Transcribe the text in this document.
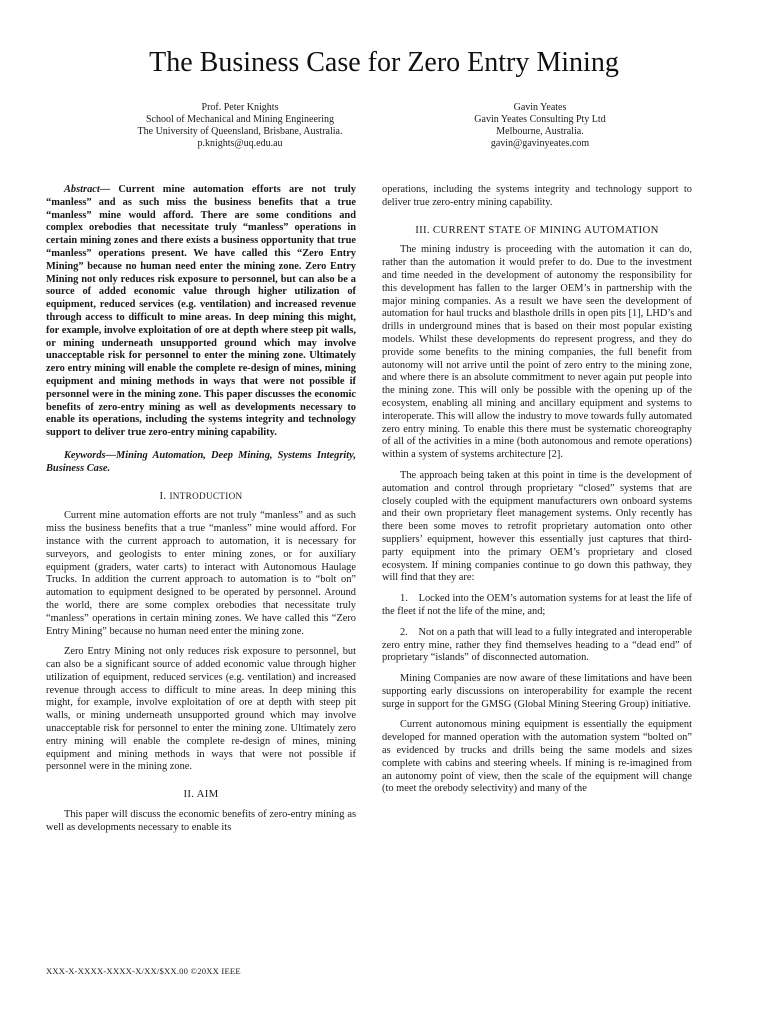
The Business Case for Zero Entry Mining
Prof. Peter Knights
School of Mechanical and Mining Engineering
The University of Queensland, Brisbane, Australia.
p.knights@uq.edu.au
Gavin Yeates
Gavin Yeates Consulting Pty Ltd
Melbourne, Australia.
gavin@gavinyeates.com

Abstract— Current mine automation efforts are not truly “manless” and as such miss the business benefits that a true “manless” mine would afford. There are some conditions and complex orebodies that necessitate truly “manless” operations in certain mining zones and there exists a business opportunity that true “manless” operations present. We have called this “Zero Entry Mining” because no human need enter the mining zone. Zero Entry Mining not only reduces risk exposure to personnel, but can also be a source of added economic value through higher utilization of equipment, reduced services (e.g. ventilation) and increased revenue through access to difficult to mine areas. In deep mining this might, for example, involve exploitation of ore at depth where steep pit walls, or mining underneath unsupported ground which may involve unacceptable risk for personnel to enter the mining zone. Ultimately zero entry mining will enable the complete re-design of mines, mining equipment and mining methods in ways that were not possible if personnel were in the mining zone. This paper discusses the economic benefits of zero-entry mining as well as developments necessary to enable its operations, including the systems integrity and technology support to deliver true zero-entry mining capability.

Keywords—Mining Automation, Deep Mining, Systems Integrity, Business Case.

I. INTRODUCTION

Current mine automation efforts are not truly “manless” and as such miss the business benefits that a true “manless” mine would afford. For instance with the current approach to automation, it is necessary for surveyors, and geologists to enter mining zones, or for auxiliary equipment (graders, water carts) to interact with Autonomous Haulage Trucks. In addition the current approach to automation is to “bolt on” automation to equipment designed to be operated by personnel. Around the world, there are some complex orebodies that necessitate truly “manless” operations in certain mining zones. We have called this “Zero Entry Mining” because no human need enter the mining zone.

Zero Entry Mining not only reduces risk exposure to personnel, but can also be a significant source of added economic value through higher utilization of equipment, reduced services (e.g. ventilation) and increased revenue through access to difficult to mine areas. In deep mining this might, for example, involve exploitation of ore at depth with steep pit walls, or mining underneath unsupported ground which may involve unacceptable risk for personnel to enter the mining zone. Ultimately zero entry mining will enable the complete re-design of mines, mining equipment and mining methods in ways that were not possible if personnel were in the mining zone.

II. AIM

This paper will discuss the economic benefits of zero-entry mining as well as developments necessary to enable its

operations, including the systems integrity and technology support to deliver true zero-entry mining capability.

III. CURRENT STATE OF MINING AUTOMATION

The mining industry is proceeding with the automation it can do, rather than the automation it would prefer to do. Due to the investment and time needed in the development of autonomy the responsibility for this development has fallen to the larger OEM’s in partnership with the major mining companies. As a result we have seen the development of automation for haul trucks and blasthole drills in open pits [1], LHD’s and drills in underground mines that is based on their most popular existing models. Whilst these developments do represent progress, and they do provide some benefits to the mining companies, the full benefit from autonomy will not arrive until the point of zero entry to the mining zone, and where there is an absolute commitment to never again put people into the mining zone. This will only be possible with the opening up of the ecosystem, enabling all mining and ancillary equipment and systems to interoperate. This will allow the industry to move towards fully automated zero entry mining. To enable this there must be systematic choreography of all of the activities in a mine (both autonomous and remote operations) within a system of systems architecture [2].

The approach being taken at this point in time is the development of automation and control through proprietary “closed” systems that are closely coupled with the equipment manufacturers own onboard systems and their own proprietary fleet management systems. Only recently has there been some moves to retrofit proprietary automation onto other suppliers’ equipment, however this essentially just captures that third-party equipment into the primary OEM’s proprietary and closed ecosystem. If mining companies continue to go down this pathway, they will find that they are:

1.    Locked into the OEM’s automation systems for at least the life of the fleet if not the life of the mine, and;

2.    Not on a path that will lead to a fully integrated and interoperable zero entry mine, rather they find themselves heading to a “dead end” of proprietary “islands” of disconnected automation.

Mining Companies are now aware of these limitations and have been supporting early discussions on interoperability for example the recent surge in support for the GMSG (Global Mining Steering Group) initiative.

Current autonomous mining equipment is essentially the equipment developed for manned operation with the automation system “bolted on” as evidenced by trucks and drills being the same models and sizes complete with cabins and steering wheels. If mining is re-imagined from an autonomy point of view, then the scale of the equipment will change (to meet the orebody selectivity) and many of the

XXX-X-XXXX-XXXX-X/XX/$XX.00 ©20XX IEEE
